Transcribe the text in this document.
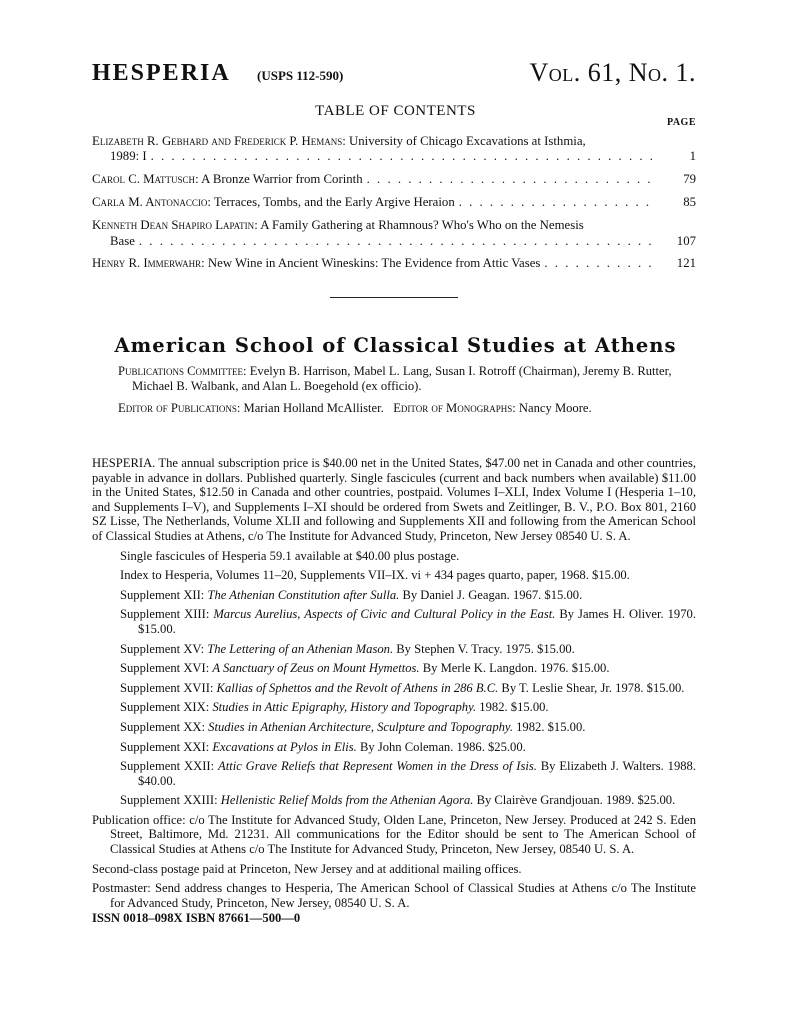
HESPERIA (USPS 112-590)	Vol. 61, No. 1.
TABLE OF CONTENTS
PAGE
Elizabeth R. Gebhard and Frederick P. Hemans: University of Chicago Excavations at Isthmia,
1989: I . . .	1
Carol C. Mattusch: A Bronze Warrior from Corinth . . .	79
Carla M. Antonaccio: Terraces, Tombs, and the Early Argive Heraion . . .	85
Kenneth Dean Shapiro Lapatin: A Family Gathering at Rhamnous? Who's Who on the Nemesis
Base . . .	107
Henry R. Immerwahr: New Wine in Ancient Wineskins: The Evidence from Attic Vases . . .	121
American School of Classical Studies at Athens

Publications Committee: Evelyn B. Harrison, Mabel L. Lang, Susan I. Rotroff (Chairman), Jeremy B. Rutter, Michael B. Walbank, and Alan L. Boegehold (ex officio).

Editor of Publications: Marian Holland McAllister. Editor of Monographs: Nancy Moore.

HESPERIA. The annual subscription price is $40.00 net in the United States, $47.00 net in Canada and other countries, payable in advance in dollars. Published quarterly. Single fascicules (current and back numbers when available) $11.00 in the United States, $12.50 in Canada and other countries, postpaid. Volumes I–XLI, Index Volume I (Hesperia 1–10, and Supplements I–V), and Supplements I–XI should be ordered from Swets and Zeitlinger, B. V., P.O. Box 801, 2160 SZ Lisse, The Netherlands, Volume XLII and following and Supplements XII and following from the American School of Classical Studies at Athens, c/o The Institute for Advanced Study, Princeton, New Jersey 08540 U. S. A.

Single fascicules of Hesperia 59.1 available at $40.00 plus postage.

Index to Hesperia, Volumes 11–20, Supplements VII–IX. vi + 434 pages quarto, paper, 1968. $15.00.

Supplement XII: The Athenian Constitution after Sulla. By Daniel J. Geagan. 1967. $15.00.

Supplement XIII: Marcus Aurelius, Aspects of Civic and Cultural Policy in the East. By James H. Oliver. 1970. $15.00.

Supplement XV: The Lettering of an Athenian Mason. By Stephen V. Tracy. 1975. $15.00.

Supplement XVI: A Sanctuary of Zeus on Mount Hymettos. By Merle K. Langdon. 1976. $15.00.

Supplement XVII: Kallias of Sphettos and the Revolt of Athens in 286 B.C. By T. Leslie Shear, Jr. 1978. $15.00.

Supplement XIX: Studies in Attic Epigraphy, History and Topography. 1982. $15.00.

Supplement XX: Studies in Athenian Architecture, Sculpture and Topography. 1982. $15.00.

Supplement XXI: Excavations at Pylos in Elis. By John Coleman. 1986. $25.00.

Supplement XXII: Attic Grave Reliefs that Represent Women in the Dress of Isis. By Elizabeth J. Walters. 1988. $40.00.

Supplement XXIII: Hellenistic Relief Molds from the Athenian Agora. By Clairève Grandjouan. 1989. $25.00.

Publication office: c/o The Institute for Advanced Study, Olden Lane, Princeton, New Jersey. Produced at 242 S. Eden Street, Baltimore, Md. 21231. All communications for the Editor should be sent to The American School of Classical Studies at Athens c/o The Institute for Advanced Study, Princeton, New Jersey, 08540 U. S. A.

Second-class postage paid at Princeton, New Jersey and at additional mailing offices.

Postmaster: Send address changes to Hesperia, The American School of Classical Studies at Athens c/o The Institute for Advanced Study, Princeton, New Jersey, 08540 U. S. A.

ISSN 0018–098X ISBN 87661—500—0
